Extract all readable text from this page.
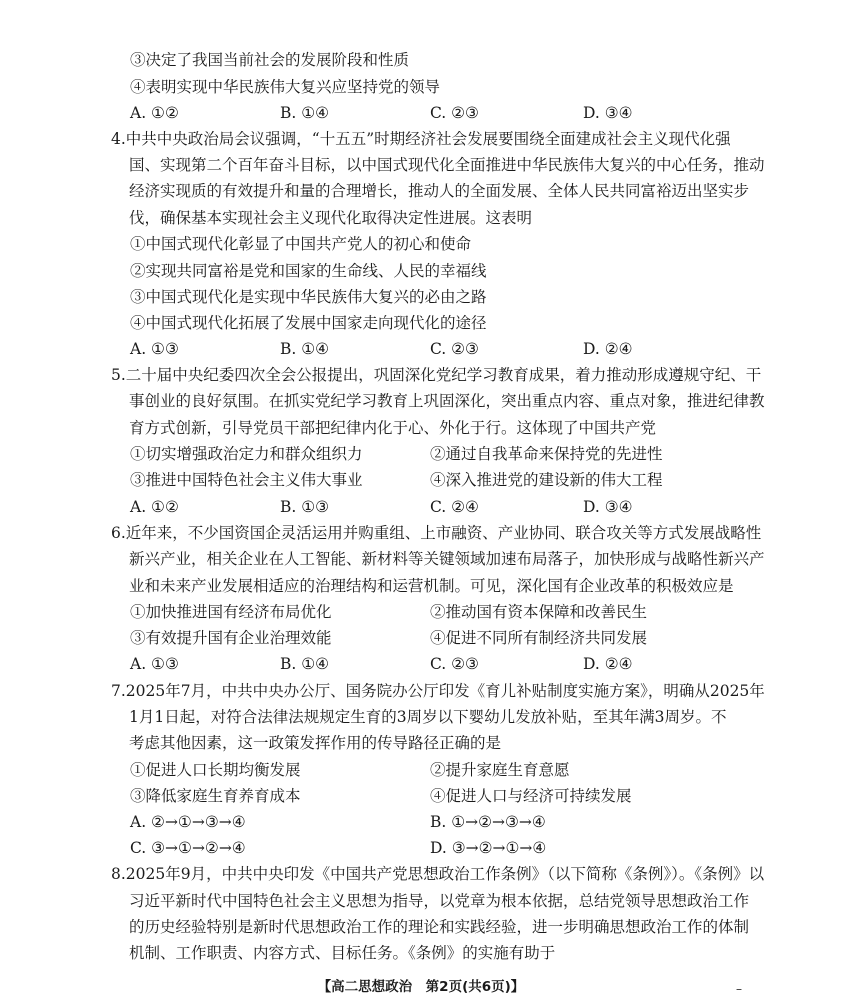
③决定了我国当前社会的发展阶段和性质
④表明实现中华民族伟大复兴应坚持党的领导
A. ①②	B. ①④	C. ②③	D. ③④
4.中共中央政治局会议强调，“十五五”时期经济社会发展要围绕全面建成社会主义现代化强
国、实现第二个百年奋斗目标，以中国式现代化全面推进中华民族伟大复兴的中心任务，推动
经济实现质的有效提升和量的合理增长，推动人的全面发展、全体人民共同富裕迈出坚实步
伐，确保基本实现社会主义现代化取得决定性进展。这表明
①中国式现代化彰显了中国共产党人的初心和使命
②实现共同富裕是党和国家的生命线、人民的幸福线
③中国式现代化是实现中华民族伟大复兴的必由之路
④中国式现代化拓展了发展中国家走向现代化的途径
A. ①③	B. ①④	C. ②③	D. ②④
5.二十届中央纪委四次全会公报提出，巩固深化党纪学习教育成果，着力推动形成遵规守纪、干
事创业的良好氛围。在抓实党纪学习教育上巩固深化，突出重点内容、重点对象，推进纪律教
育方式创新，引导党员干部把纪律内化于心、外化于行。这体现了中国共产党
①切实增强政治定力和群众组织力	②通过自我革命来保持党的先进性
③推进中国特色社会主义伟大事业	④深入推进党的建设新的伟大工程
A. ①②	B. ①③	C. ②④	D. ③④
6.近年来，不少国资国企灵活运用并购重组、上市融资、产业协同、联合攻关等方式发展战略性
新兴产业，相关企业在人工智能、新材料等关键领域加速布局落子，加快形成与战略性新兴产
业和未来产业发展相适应的治理结构和运营机制。可见，深化国有企业改革的积极效应是
①加快推进国有经济布局优化	②推动国有资本保障和改善民生
③有效提升国有企业治理效能	④促进不同所有制经济共同发展
A. ①③	B. ①④	C. ②③	D. ②④
7.2025年7月，中共中央办公厅、国务院办公厅印发《育儿补贴制度实施方案》，明确从2025年
1月1日起，对符合法律法规规定生育的3周岁以下婴幼儿发放补贴，至其年满3周岁。不
考虑其他因素，这一政策发挥作用的传导路径正确的是
①促进人口长期均衡发展	②提升家庭生育意愿
③降低家庭生育养育成本	④促进人口与经济可持续发展
A. ②→①→③→④	B. ①→②→③→④
C. ③→①→②→④	D. ③→②→①→④
8.2025年9月，中共中央印发《中国共产党思想政治工作条例》（以下简称《条例》）。《条例》以
习近平新时代中国特色社会主义思想为指导，以党章为根本依据，总结党领导思想政治工作
的历史经验特别是新时代思想政治工作的理论和实践经验，进一步明确思想政治工作的体制
机制、工作职责、内容方式、目标任务。《条例》的实施有助于
【高二思想政治　第2页(共6页)】	–
